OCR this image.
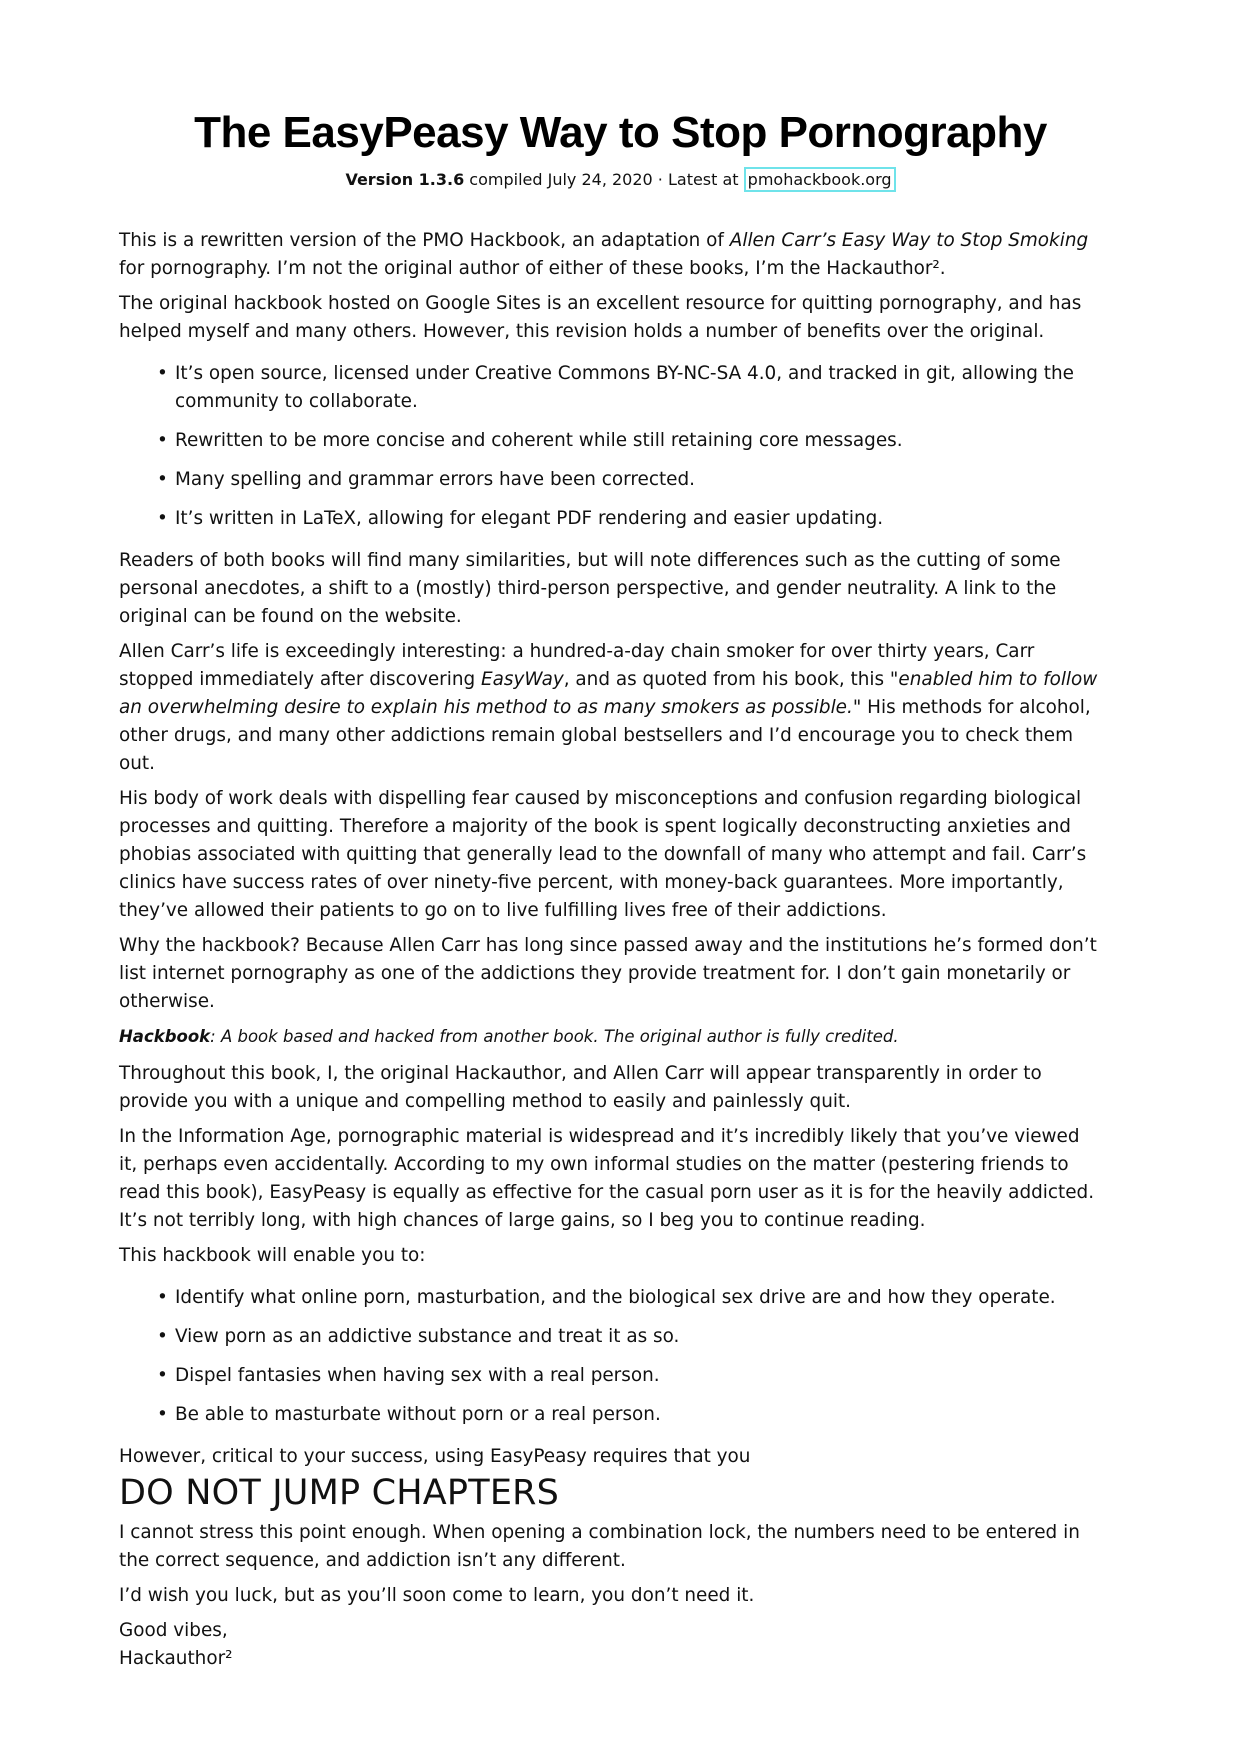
The EasyPeasy Way to Stop Pornography
Version 1.3.6 compiled July 24, 2020 · Latest at pmohackbook.org

This is a rewritten version of the PMO Hackbook, an adaptation of Allen Carr’s Easy Way to Stop Smoking for pornography. I’m not the original author of either of these books, I’m the Hackauthor².

The original hackbook hosted on Google Sites is an excellent resource for quitting pornography, and has helped myself and many others. However, this revision holds a number of benefits over the original.

• It’s open source, licensed under Creative Commons BY-NC-SA 4.0, and tracked in git, allowing the community to collaborate.
• Rewritten to be more concise and coherent while still retaining core messages.
• Many spelling and grammar errors have been corrected.
• It’s written in LaTeX, allowing for elegant PDF rendering and easier updating.

Readers of both books will find many similarities, but will note differences such as the cutting of some personal anecdotes, a shift to a (mostly) third-person perspective, and gender neutrality. A link to the original can be found on the website.

Allen Carr’s life is exceedingly interesting: a hundred-a-day chain smoker for over thirty years, Carr stopped immediately after discovering EasyWay, and as quoted from his book, this "enabled him to follow an overwhelming desire to explain his method to as many smokers as possible." His methods for alcohol, other drugs, and many other addictions remain global bestsellers and I’d encourage you to check them out.

His body of work deals with dispelling fear caused by misconceptions and confusion regarding biological processes and quitting. Therefore a majority of the book is spent logically deconstructing anxieties and phobias associated with quitting that generally lead to the downfall of many who attempt and fail. Carr’s clinics have success rates of over ninety-five percent, with money-back guarantees. More importantly, they’ve allowed their patients to go on to live fulfilling lives free of their addictions.

Why the hackbook? Because Allen Carr has long since passed away and the institutions he’s formed don’t list internet pornography as one of the addictions they provide treatment for. I don’t gain monetarily or otherwise.

Hackbook: A book based and hacked from another book. The original author is fully credited.

Throughout this book, I, the original Hackauthor, and Allen Carr will appear transparently in order to provide you with a unique and compelling method to easily and painlessly quit.

In the Information Age, pornographic material is widespread and it’s incredibly likely that you’ve viewed it, perhaps even accidentally. According to my own informal studies on the matter (pestering friends to read this book), EasyPeasy is equally as effective for the casual porn user as it is for the heavily addicted. It’s not terribly long, with high chances of large gains, so I beg you to continue reading.

This hackbook will enable you to:

• Identify what online porn, masturbation, and the biological sex drive are and how they operate.
• View porn as an addictive substance and treat it as so.
• Dispel fantasies when having sex with a real person.
• Be able to masturbate without porn or a real person.

However, critical to your success, using EasyPeasy requires that you

DO NOT JUMP CHAPTERS

I cannot stress this point enough. When opening a combination lock, the numbers need to be entered in the correct sequence, and addiction isn’t any different.

I’d wish you luck, but as you’ll soon come to learn, you don’t need it.

Good vibes,
Hackauthor²
